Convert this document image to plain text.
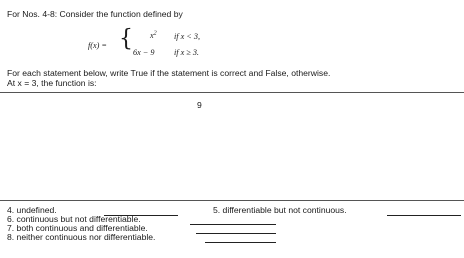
For Nos. 4-8: Consider the function defined by
f(x) = { $x^2$ if x < 3,
6x − 9 if x ≥ 3.
For each statement below, write True if the statement is correct and False, otherwise.
At x = 3, the function is:
9
4. undefined.	5. differentiable but not continuous.
6. continuous but not differentiable.
7. both continuous and differentiable.
8. neither continuous nor differentiable.
